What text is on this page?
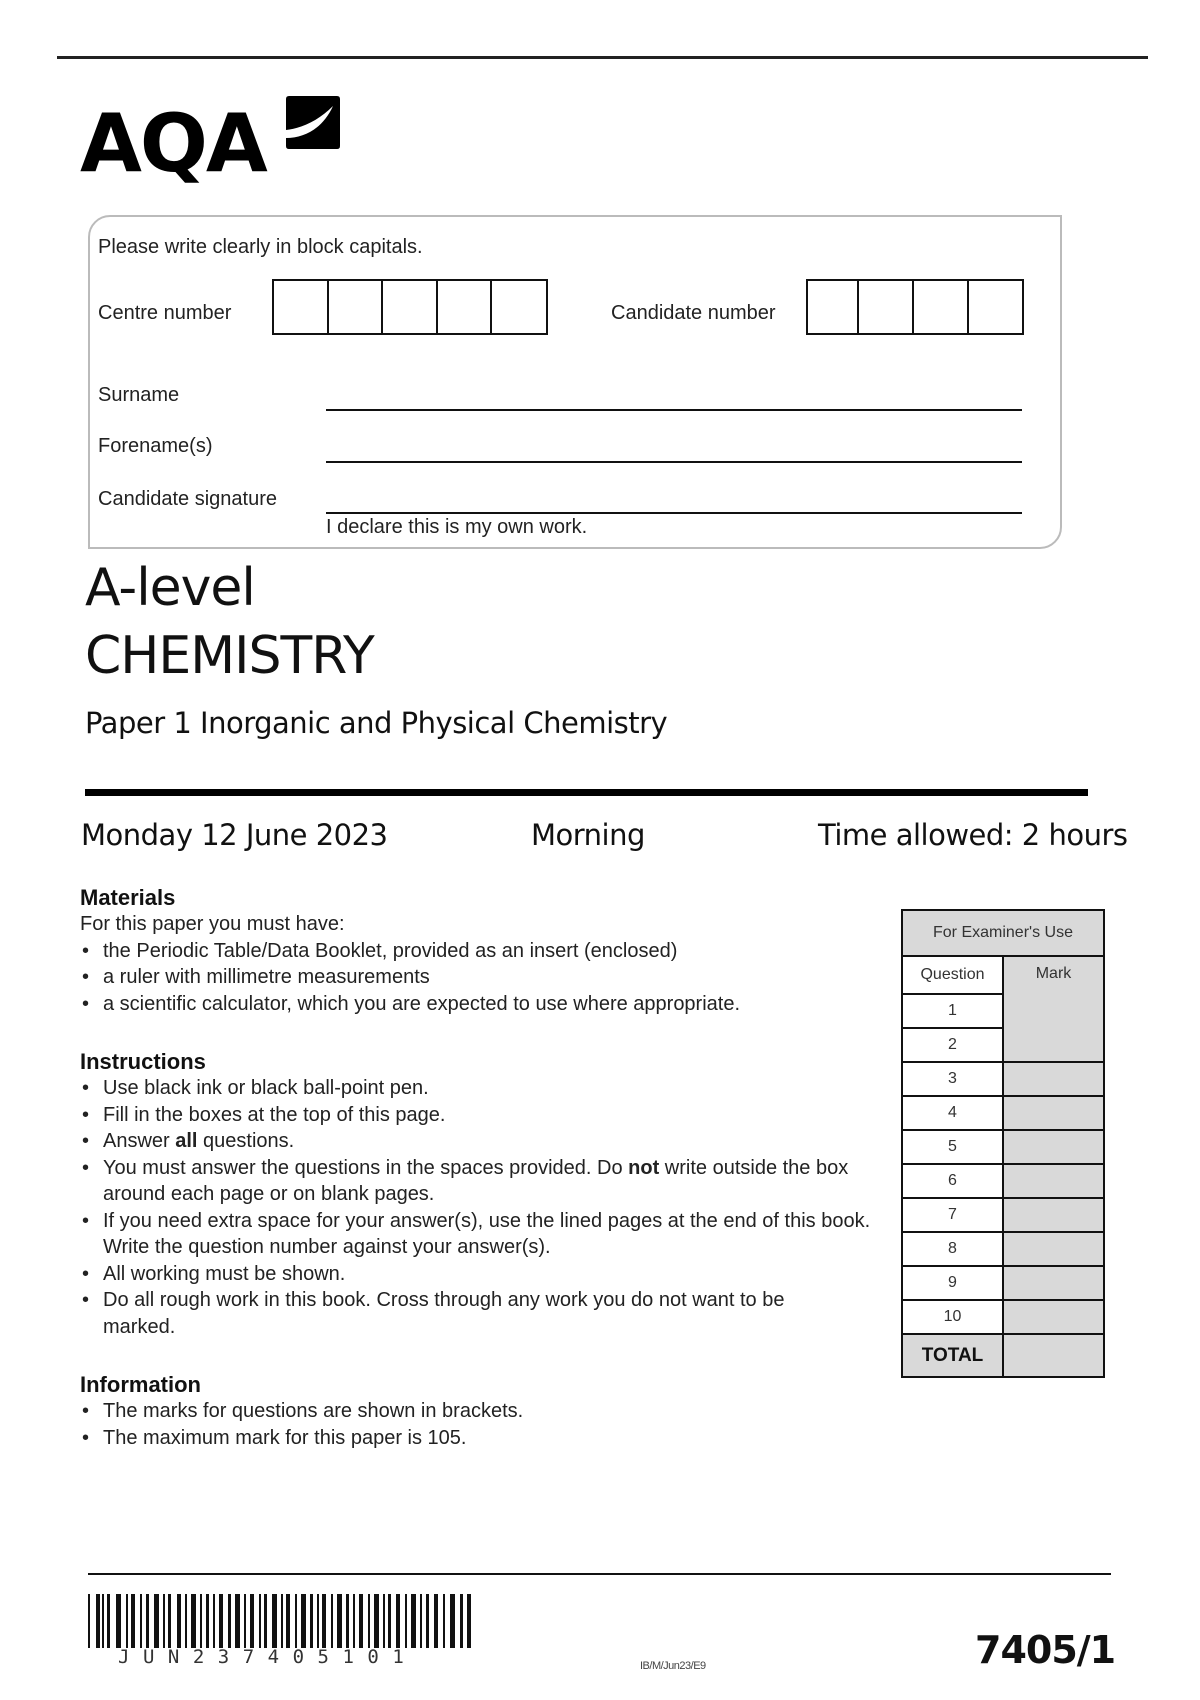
AQA
Please write clearly in block capitals.
Centre number	Candidate number
Surname
Forename(s)
Candidate signature
I declare this is my own work.
A-level
CHEMISTRY
Paper 1 Inorganic and Physical Chemistry
Monday 12 June 2023	Morning	Time allowed: 2 hours
Materials
For this paper you must have:
• the Periodic Table/Data Booklet, provided as an insert (enclosed)
• a ruler with millimetre measurements
• a scientific calculator, which you are expected to use where appropriate.
Instructions
• Use black ink or black ball-point pen.
• Fill in the boxes at the top of this page.
• Answer all questions.
• You must answer the questions in the spaces provided. Do not write outside the box around each page or on blank pages.
• If you need extra space for your answer(s), use the lined pages at the end of this book. Write the question number against your answer(s).
• All working must be shown.
• Do all rough work in this book. Cross through any work you do not want to be marked.
Information
• The marks for questions are shown in brackets.
• The maximum mark for this paper is 105.
For Examiner's Use	
Question	Mark
1	
2	
3	
4	
5	
6	
7	
8	
9	
10	
TOTAL	
JUN237405101	IB/M/Jun23/E9	7405/1
